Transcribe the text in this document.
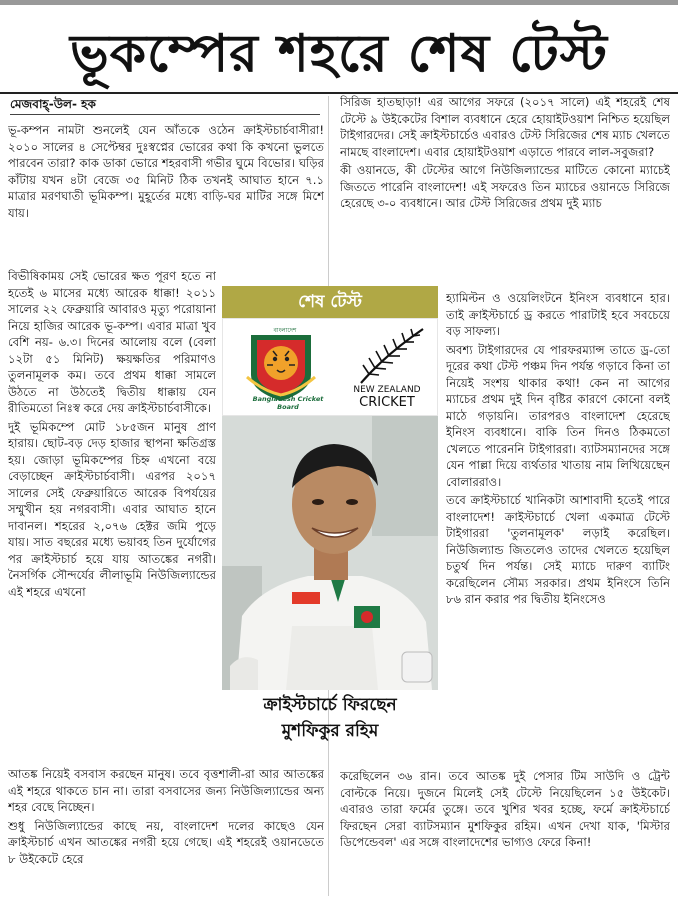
ভূকম্পের শহরে শেষ টেস্ট
মেজবাহ্-উল- হক

ভূ-কম্পন নামটা শুনলেই যেন আঁতকে ওঠেন ক্রাইস্টচার্চবাসীরা! ২০১০ সালের ৪ সেপ্টেম্বর দুঃস্বপ্নের ভোরের কথা কি কখনো ভুলতে পারবেন তারা? কাক ডাকা ভোরে শহরবাসী গভীর ঘুমে বিভোর। ঘড়ির কাঁটায় যখন ৪টা বেজে ৩৫ মিনিট ঠিক তখনই আঘাত হানে ৭.১ মাত্রার মরণঘাতী ভূমিকম্প। মুহূর্তের মধ্যে বাড়ি-ঘর মাটির সঙ্গে মিশে যায়।

বিভীষিকাময় সেই ভোরের ক্ষত পূরণ হতে না হতেই ৬ মাসের মধ্যে আরেক ধাক্কা! ২০১১ সালের ২২ ফেব্রুয়ারি আবারও মৃত্যু পরোয়ানা নিয়ে হাজির আরেক ভূ-কম্প। এবার মাত্রা খুব বেশি নয়- ৬.৩। দিনের আলোয় বলে (বেলা ১২টা ৫১ মিনিট) ক্ষয়ক্ষতির পরিমাণও তুলনামূলক কম। তবে প্রথম ধাক্কা সামলে উঠতে না উঠতেই দ্বিতীয় ধাক্কায় যেন রীতিমতো নিঃস্ব করে দেয় ক্রাইস্টচার্চবাসীকে।

দুই ভূমিকম্পে মোট ১৮৫জন মানুষ প্রাণ হারায়। ছোট-বড় দেড় হাজার স্থাপনা ক্ষতিগ্রস্ত হয়। জোড়া ভূমিকম্পের চিহ্ন এখনো বয়ে বেড়াচ্ছেন ক্রাইস্টচার্চবাসী। এরপর ২০১৭ সালের সেই ফেব্রুয়ারিতে আরেক বিপর্যয়ের সম্মুখীন হয় নগরবাসী। এবার আঘাত হানে দাবানল। শহরের ২,০৭৬ হেক্টর জমি পুড়ে যায়। সাত বছরের মধ্যে ভয়াবহ তিন দুর্যোগের পর ক্রাইস্টচার্চ হয়ে যায় আতঙ্কের নগরী। নৈসর্গিক সৌন্দর্যের লীলাভূমি নিউজিল্যান্ডের এই শহরে এখনো

আতঙ্ক নিয়েই বসবাস করছেন মানুষ। তবে বৃত্তশালী-রা আর আতঙ্কের এই শহরে থাকতে চান না। তারা বসবাসের জন্য নিউজিল্যান্ডের অন্য শহর বেছে নিচ্ছেন।

শুধু নিউজিল্যান্ডের কাছে নয়, বাংলাদেশ দলের কাছেও যেন ক্রাইস্টচার্চ এখন আতঙ্কের নগরী হয়ে গেছে। এই শহরেই ওয়ানডেতে ৮ উইকেটে হেরে

সিরিজ হাতছাড়া! এর আগের সফরে (২০১৭ সালে) এই শহরেই শেষ টেস্টে ৯ উইকেটের বিশাল ব্যবধানে হেরে হোয়াইটওয়াশ নিশ্চিত হয়েছিল টাইগারদের। সেই ক্রাইস্টচার্চেও এবারও টেস্ট সিরিজের শেষ ম্যাচ খেলতে নামছে বাংলাদেশ। এবার হোয়াইটওয়াশ এড়াতে পারবে লাল-সবুজরা?

কী ওয়ানডে, কী টেস্টের আগে নিউজিল্যান্ডের মাটিতে কোনো ম্যাচেই জিততে পারেনি বাংলাদেশ! এই সফরেও তিন ম্যাচের ওয়ানডে সিরিজে হেরেছে ৩-০ ব্যবধানে। আর টেস্ট সিরিজের প্রথম দুই ম্যাচ

হ্যামিল্টন ও ওয়েলিংটনে ইনিংস ব্যবধানে হার। তাই ক্রাইস্টচার্চে ড্র করতে পারাটাই হবে সবচেয়ে বড় সাফল্য।

অবশ্য টাইগারদের যে পারফরম্যান্স তাতে ড্র-তো দূরের কথা টেস্ট পঞ্চম দিন পর্যন্ত গড়াবে কিনা তা নিয়েই সংশয় থাকার কথা! কেন না আগের ম্যাচের প্রথম দুই দিন বৃষ্টির কারণে কোনো বলই মাঠে গড়ায়নি। তারপরও বাংলাদেশ হেরেছে ইনিংস ব্যবধানে। বাকি তিন দিনও ঠিকমতো খেলতে পারেননি টাইগাররা। ব্যাটসম্যানদের সঙ্গে যেন পাল্লা দিয়ে ব্যর্থতার খাতায় নাম লিখিয়েছেন বোলাররাও।

তবে ক্রাইস্টচার্চে খানিকটা আশাবাদী হতেই পারে বাংলাদেশ! ক্রাইস্টচার্চে খেলা একমাত্র টেস্টে টাইগাররা 'তুলনামূলক' লড়াই করেছিল। নিউজিল্যান্ড জিতলেও তাদের খেলতে হয়েছিল চতুর্থ দিন পর্যন্ত। সেই ম্যাচে দারুণ ব্যাটিং করেছিলেন সৌম্য সরকার। প্রথম ইনিংসে তিনি ৮৬ রান করার পর দ্বিতীয় ইনিংসেও

করেছিলেন ৩৬ রান। তবে আতঙ্ক দুই পেসার টিম সাউদি ও ট্রেন্ট বোল্টকে নিয়ে। দুজনে মিলেই সেই টেস্টে নিয়েছিলেন ১৫ উইকেট। এবারও তারা ফর্মের তুঙ্গে। তবে খুশির খবর হচ্ছে, ফর্মে ক্রাইস্টচার্চে ফিরছেন সেরা ব্যাটসম্যান মুশফিকুর রহিম। এখন দেখা যাক, 'মিস্টার ডিপেন্ডেবল' এর সঙ্গে বাংলাদেশের ভাগ্যও ফেরে কিনা!

শেষ টেস্ট
বাংলাদেশ
Bangladesh Cricket Board
NEW ZEALAND
CRICKET
ক্রাইস্টচার্চে ফিরছেন
মুশফিকুর রহিম
